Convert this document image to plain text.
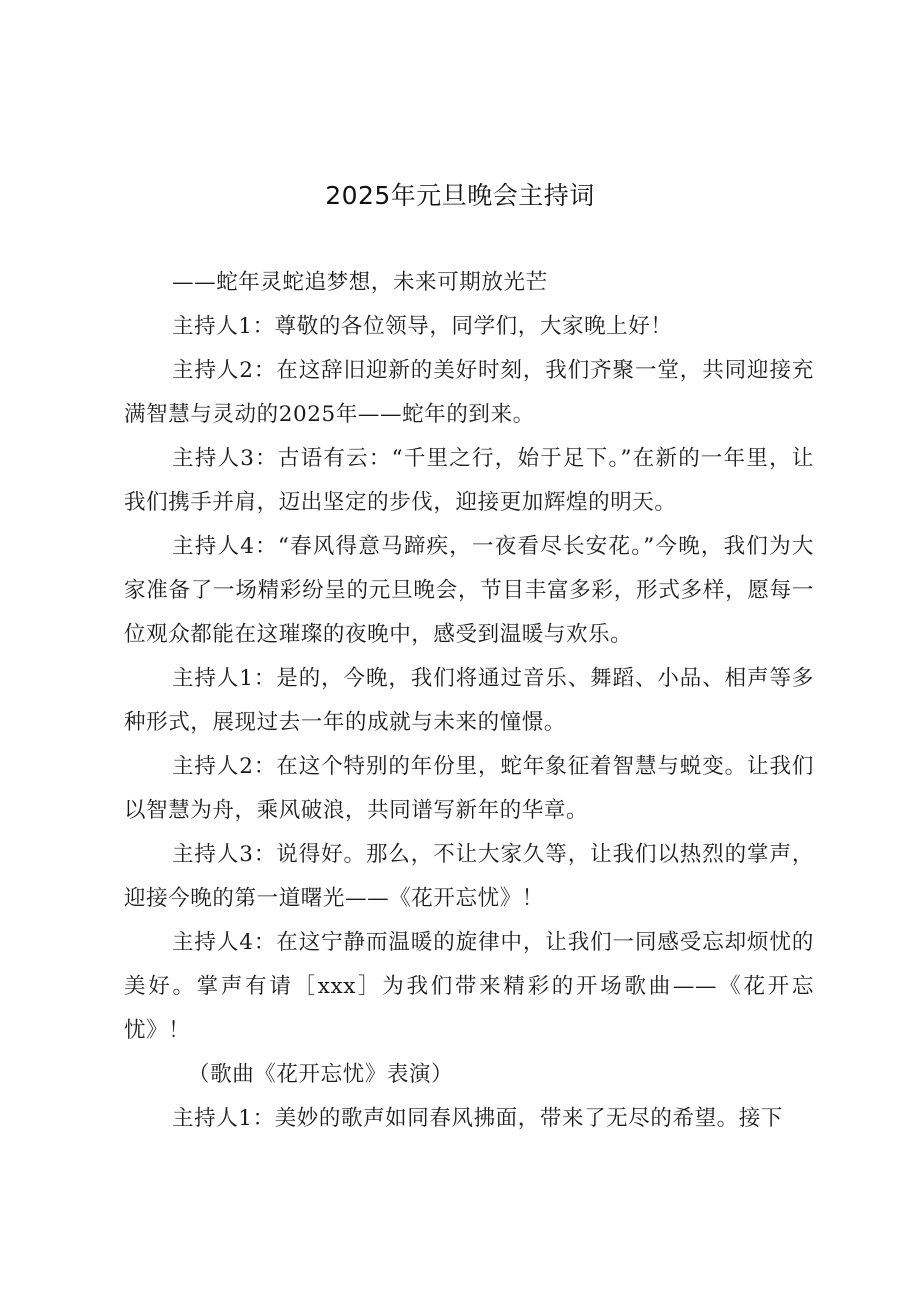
2025年元旦晚会主持词

——蛇年灵蛇追梦想，未来可期放光芒

主持人1：尊敬的各位领导，同学们，大家晚上好！

主持人2：在这辞旧迎新的美好时刻，我们齐聚一堂，共同迎接充满智慧与灵动的2025年——蛇年的到来。

主持人3：古语有云：“千里之行，始于足下。”在新的一年里，让我们携手并肩，迈出坚定的步伐，迎接更加辉煌的明天。

主持人4：“春风得意马蹄疾，一夜看尽长安花。”今晚，我们为大家准备了一场精彩纷呈的元旦晚会，节目丰富多彩，形式多样，愿每一位观众都能在这璀璨的夜晚中，感受到温暖与欢乐。

主持人1：是的，今晚，我们将通过音乐、舞蹈、小品、相声等多种形式，展现过去一年的成就与未来的憧憬。

主持人2：在这个特别的年份里，蛇年象征着智慧与蜕变。让我们以智慧为舟，乘风破浪，共同谱写新年的华章。

主持人3：说得好。那么，不让大家久等，让我们以热烈的掌声，迎接今晚的第一道曙光——《花开忘忧》！

主持人4：在这宁静而温暖的旋律中，让我们一同感受忘却烦忧的美好。掌声有请［xxx］为我们带来精彩的开场歌曲——《花开忘忧》！

（歌曲《花开忘忧》表演）

主持人1：美妙的歌声如同春风拂面，带来了无尽的希望。接下
